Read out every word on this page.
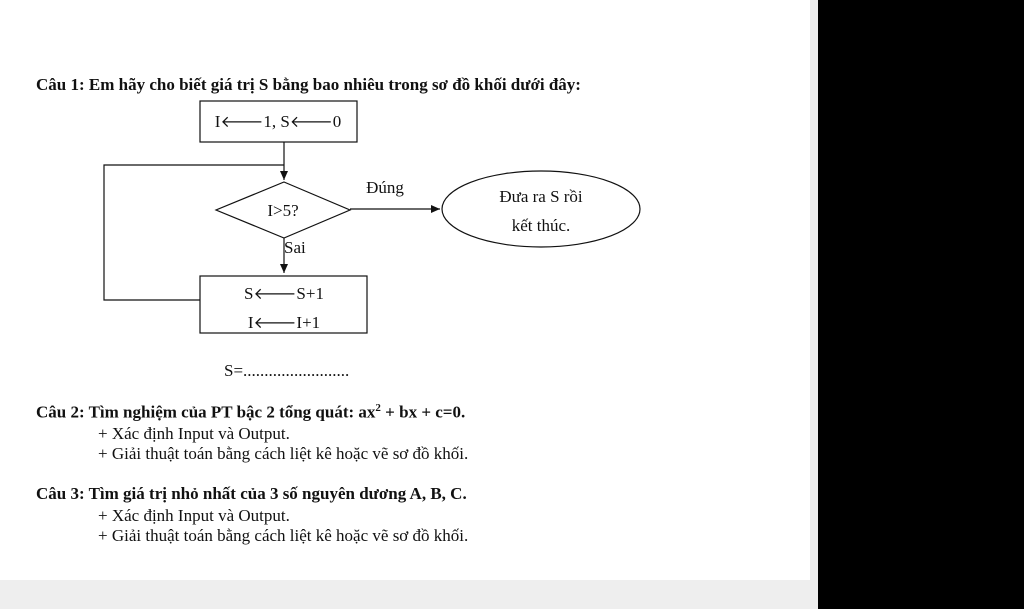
Câu 1: Em hãy cho biết giá trị S bằng bao nhiêu trong sơ đồ khối dưới đây:
I🡐1, S🡐0
I>5?
Đúng	Đưa ra S rồi
kết thúc.
Sai
S🡐S+1
I🡐I+1
S=.........................
Câu 2: Tìm nghiệm của PT bậc 2 tổng quát: $ax^2$ + bx + c=0.
+ Xác định Input và Output.
+ Giải thuật toán bằng cách liệt kê hoặc vẽ sơ đồ khối.
Câu 3: Tìm giá trị nhỏ nhất của 3 số nguyên dương A, B, C.
+ Xác định Input và Output.
+ Giải thuật toán bằng cách liệt kê hoặc vẽ sơ đồ khối.
